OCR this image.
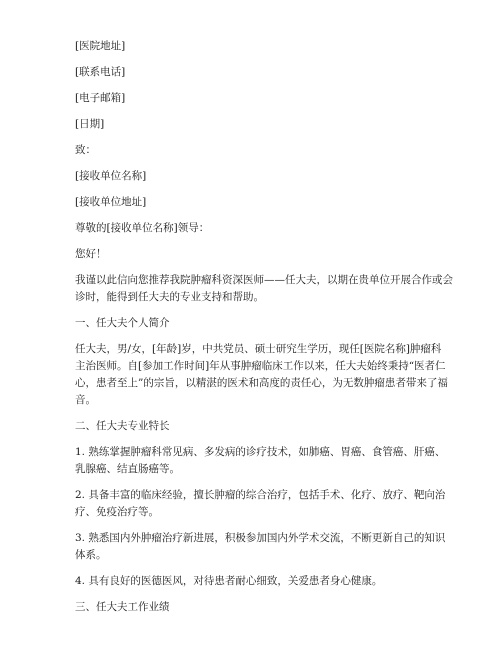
[医院地址]
[联系电话]
[电子邮箱]
[日期]
致：
[接收单位名称]
[接收单位地址]
尊敬的[接收单位名称]领导：
您好！
我谨以此信向您推荐我院肿瘤科资深医师——任大夫，以期在贵单位开展合作或会
诊时，能得到任大夫的专业支持和帮助。
一、任大夫个人简介
任大夫，男/女，[年龄]岁，中共党员、硕士研究生学历，现任[医院名称]肿瘤科
主治医师。自[参加工作时间]年从事肿瘤临床工作以来，任大夫始终秉持“医者仁
心，患者至上”的宗旨，以精湛的医术和高度的责任心，为无数肿瘤患者带来了福
音。
二、任大夫专业特长
1. 熟练掌握肿瘤科常见病、多发病的诊疗技术，如肺癌、胃癌、食管癌、肝癌、
乳腺癌、结直肠癌等。
2. 具备丰富的临床经验，擅长肿瘤的综合治疗，包括手术、化疗、放疗、靶向治
疗、免疫治疗等。
3. 熟悉国内外肿瘤治疗新进展，积极参加国内外学术交流，不断更新自己的知识
体系。
4. 具有良好的医德医风，对待患者耐心细致，关爱患者身心健康。
三、任大夫工作业绩
